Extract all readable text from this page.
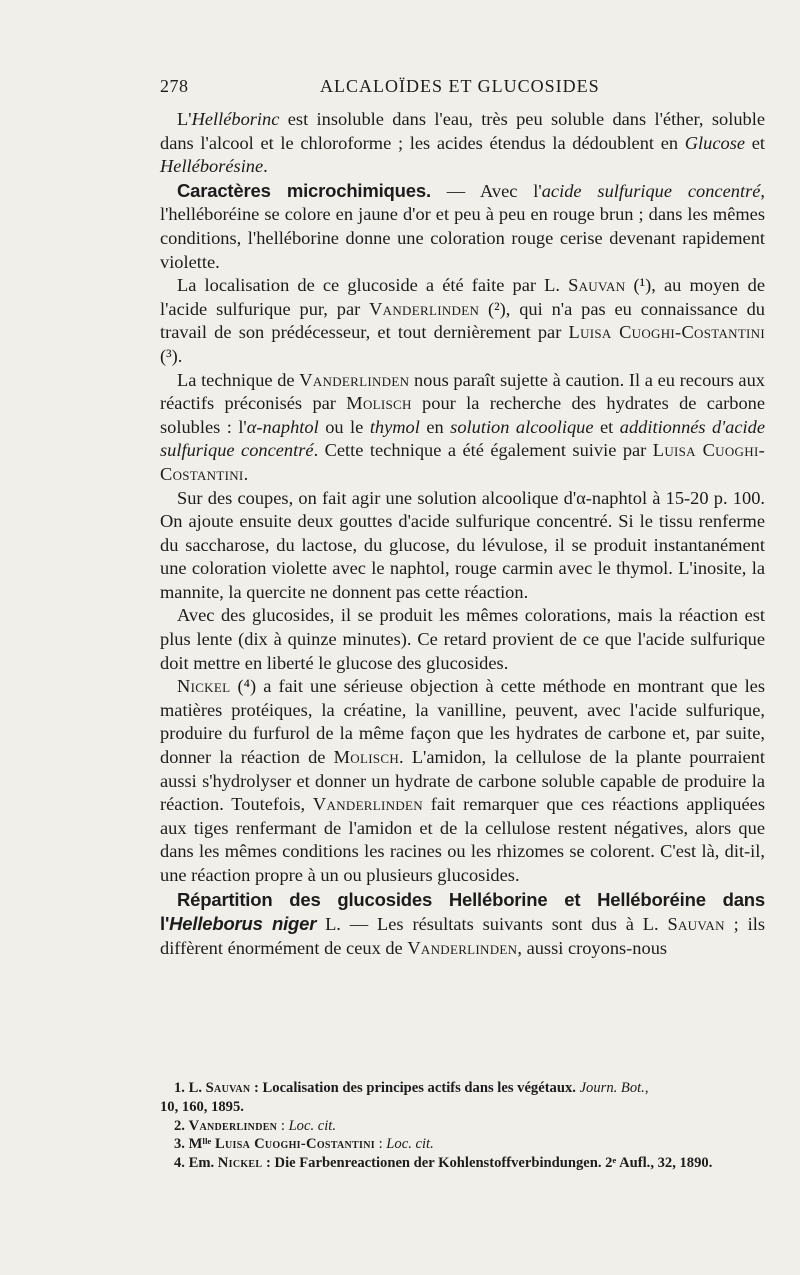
278	ALCALOÏDES ET GLUCOSIDES

L'Helléborinc est insoluble dans l'eau, très peu soluble dans l'éther, soluble dans l'alcool et le chloroforme ; les acides étendus la dédoublent en Glucose et Helléborésine.

Caractères microchimiques. — Avec l'acide sulfurique concentré, l'helléboréine se colore en jaune d'or et peu à peu en rouge brun ; dans les mêmes conditions, l'helléborine donne une coloration rouge cerise devenant rapidement violette.

La localisation de ce glucoside a été faite par L. Sauvan (¹), au moyen de l'acide sulfurique pur, par Vanderlinden (²), qui n'a pas eu connaissance du travail de son prédécesseur, et tout dernièrement par Luisa Cuoghi-Costantini (³).

La technique de Vanderlinden nous paraît sujette à caution. Il a eu recours aux réactifs préconisés par Molisch pour la recherche des hydrates de carbone solubles : l'α-naphtol ou le thymol en solution alcoolique et additionnés d'acide sulfurique concentré. Cette technique a été également suivie par Luisa Cuoghi-Costantini.

Sur des coupes, on fait agir une solution alcoolique d'α-naphtol à 15-20 p. 100. On ajoute ensuite deux gouttes d'acide sulfurique concentré. Si le tissu renferme du saccharose, du lactose, du glucose, du lévulose, il se produit instantanément une coloration violette avec le naphtol, rouge carmin avec le thymol. L'inosite, la mannite, la quercite ne donnent pas cette réaction.

Avec des glucosides, il se produit les mêmes colorations, mais la réaction est plus lente (dix à quinze minutes). Ce retard provient de ce que l'acide sulfurique doit mettre en liberté le glucose des glucosides.

Nickel (⁴) a fait une sérieuse objection à cette méthode en montrant que les matières protéiques, la créatine, la vanilline, peuvent, avec l'acide sulfurique, produire du furfurol de la même façon que les hydrates de carbone et, par suite, donner la réaction de Molisch. L'amidon, la cellulose de la plante pourraient aussi s'hydrolyser et donner un hydrate de carbone soluble capable de produire la réaction. Toutefois, Vanderlinden fait remarquer que ces réactions appliquées aux tiges renfermant de l'amidon et de la cellulose restent négatives, alors que dans les mêmes conditions les racines ou les rhizomes se colorent. C'est là, dit-il, une réaction propre à un ou plusieurs glucosides.

Répartition des glucosides Helléborine et Helléboréine dans l'Helleborus niger L. — Les résultats suivants sont dus à L. Sauvan ; ils diffèrent énormément de ceux de Vanderlinden, aussi croyons-nous

1. L. Sauvan : Localisation des principes actifs dans les végétaux. Journ. Bot.,

10, 160, 1895.

2. Vanderlinden : Loc. cit.

3. Mˡˡᵉ Luisa Cuoghi-Costantini : Loc. cit.

4. Em. Nickel : Die Farbenreactionen der Kohlenstoffverbindungen. 2ᵉ Aufl., 32, 1890.
